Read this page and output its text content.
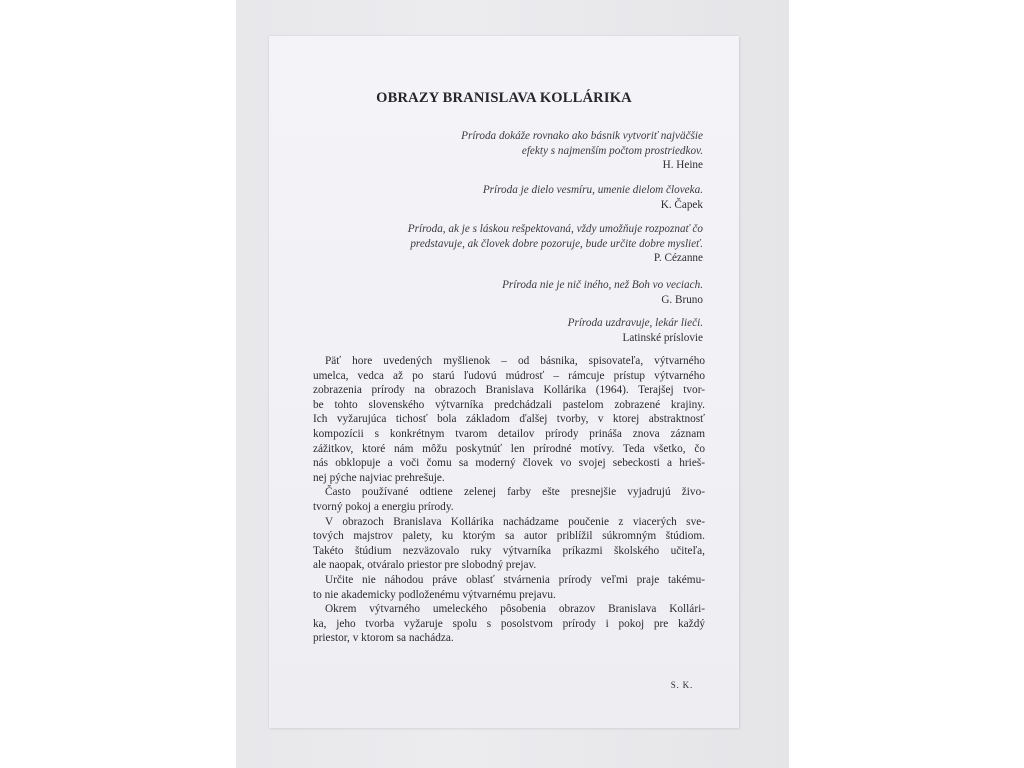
OBRAZY BRANISLAVA KOLLÁRIKA
Príroda dokáže rovnako ako básnik vytvoriť najväčšie
efekty s najmenším počtom prostriedkov.
H. Heine
Príroda je dielo vesmíru, umenie dielom človeka.
K. Čapek
Príroda, ak je s láskou rešpektovaná, vždy umožňuje rozpoznať čo
predstavuje, ak človek dobre pozoruje, bude určite dobre myslieť.
P. Cézanne
Príroda nie je nič iného, než Boh vo veciach.
G. Bruno
Príroda uzdravuje, lekár lieči.
Latinské príslovie
Päť hore uvedených myšlienok – od básnika, spisovateľa, výtvarného
umelca, vedca až po starú ľudovú múdrosť – rámcuje prístup výtvarného
zobrazenia prírody na obrazoch Branislava Kollárika (1964). Terajšej tvor-
be tohto slovenského výtvarníka predchádzali pastelom zobrazené krajiny.
Ich vyžarujúca tichosť bola základom ďalšej tvorby, v ktorej abstraktnosť
kompozícii s konkrétnym tvarom detailov prírody prináša znova záznam
zážitkov, ktoré nám môžu poskytnúť len prírodné motívy. Teda všetko, čo
nás obklopuje a voči čomu sa moderný človek vo svojej sebeckosti a hrieš-
nej pýche najviac prehrešuje.
Často používané odtiene zelenej farby ešte presnejšie vyjadrujú živo-
tvorný pokoj a energiu prírody.
V obrazoch Branislava Kollárika nachádzame poučenie z viacerých sve-
tových majstrov palety, ku ktorým sa autor priblížil súkromným štúdiom.
Takéto štúdium nezväzovalo ruky výtvarníka príkazmi školského učiteľa,
ale naopak, otváralo priestor pre slobodný prejav.
Určite nie náhodou práve oblasť stvárnenia prírody veľmi praje takému-
to nie akademicky podloženému výtvarnému prejavu.
Okrem výtvarného umeleckého pôsobenia obrazov Branislava Kollári-
ka, jeho tvorba vyžaruje spolu s posolstvom prírody i pokoj pre každý
priestor, v ktorom sa nachádza.
S. K.
